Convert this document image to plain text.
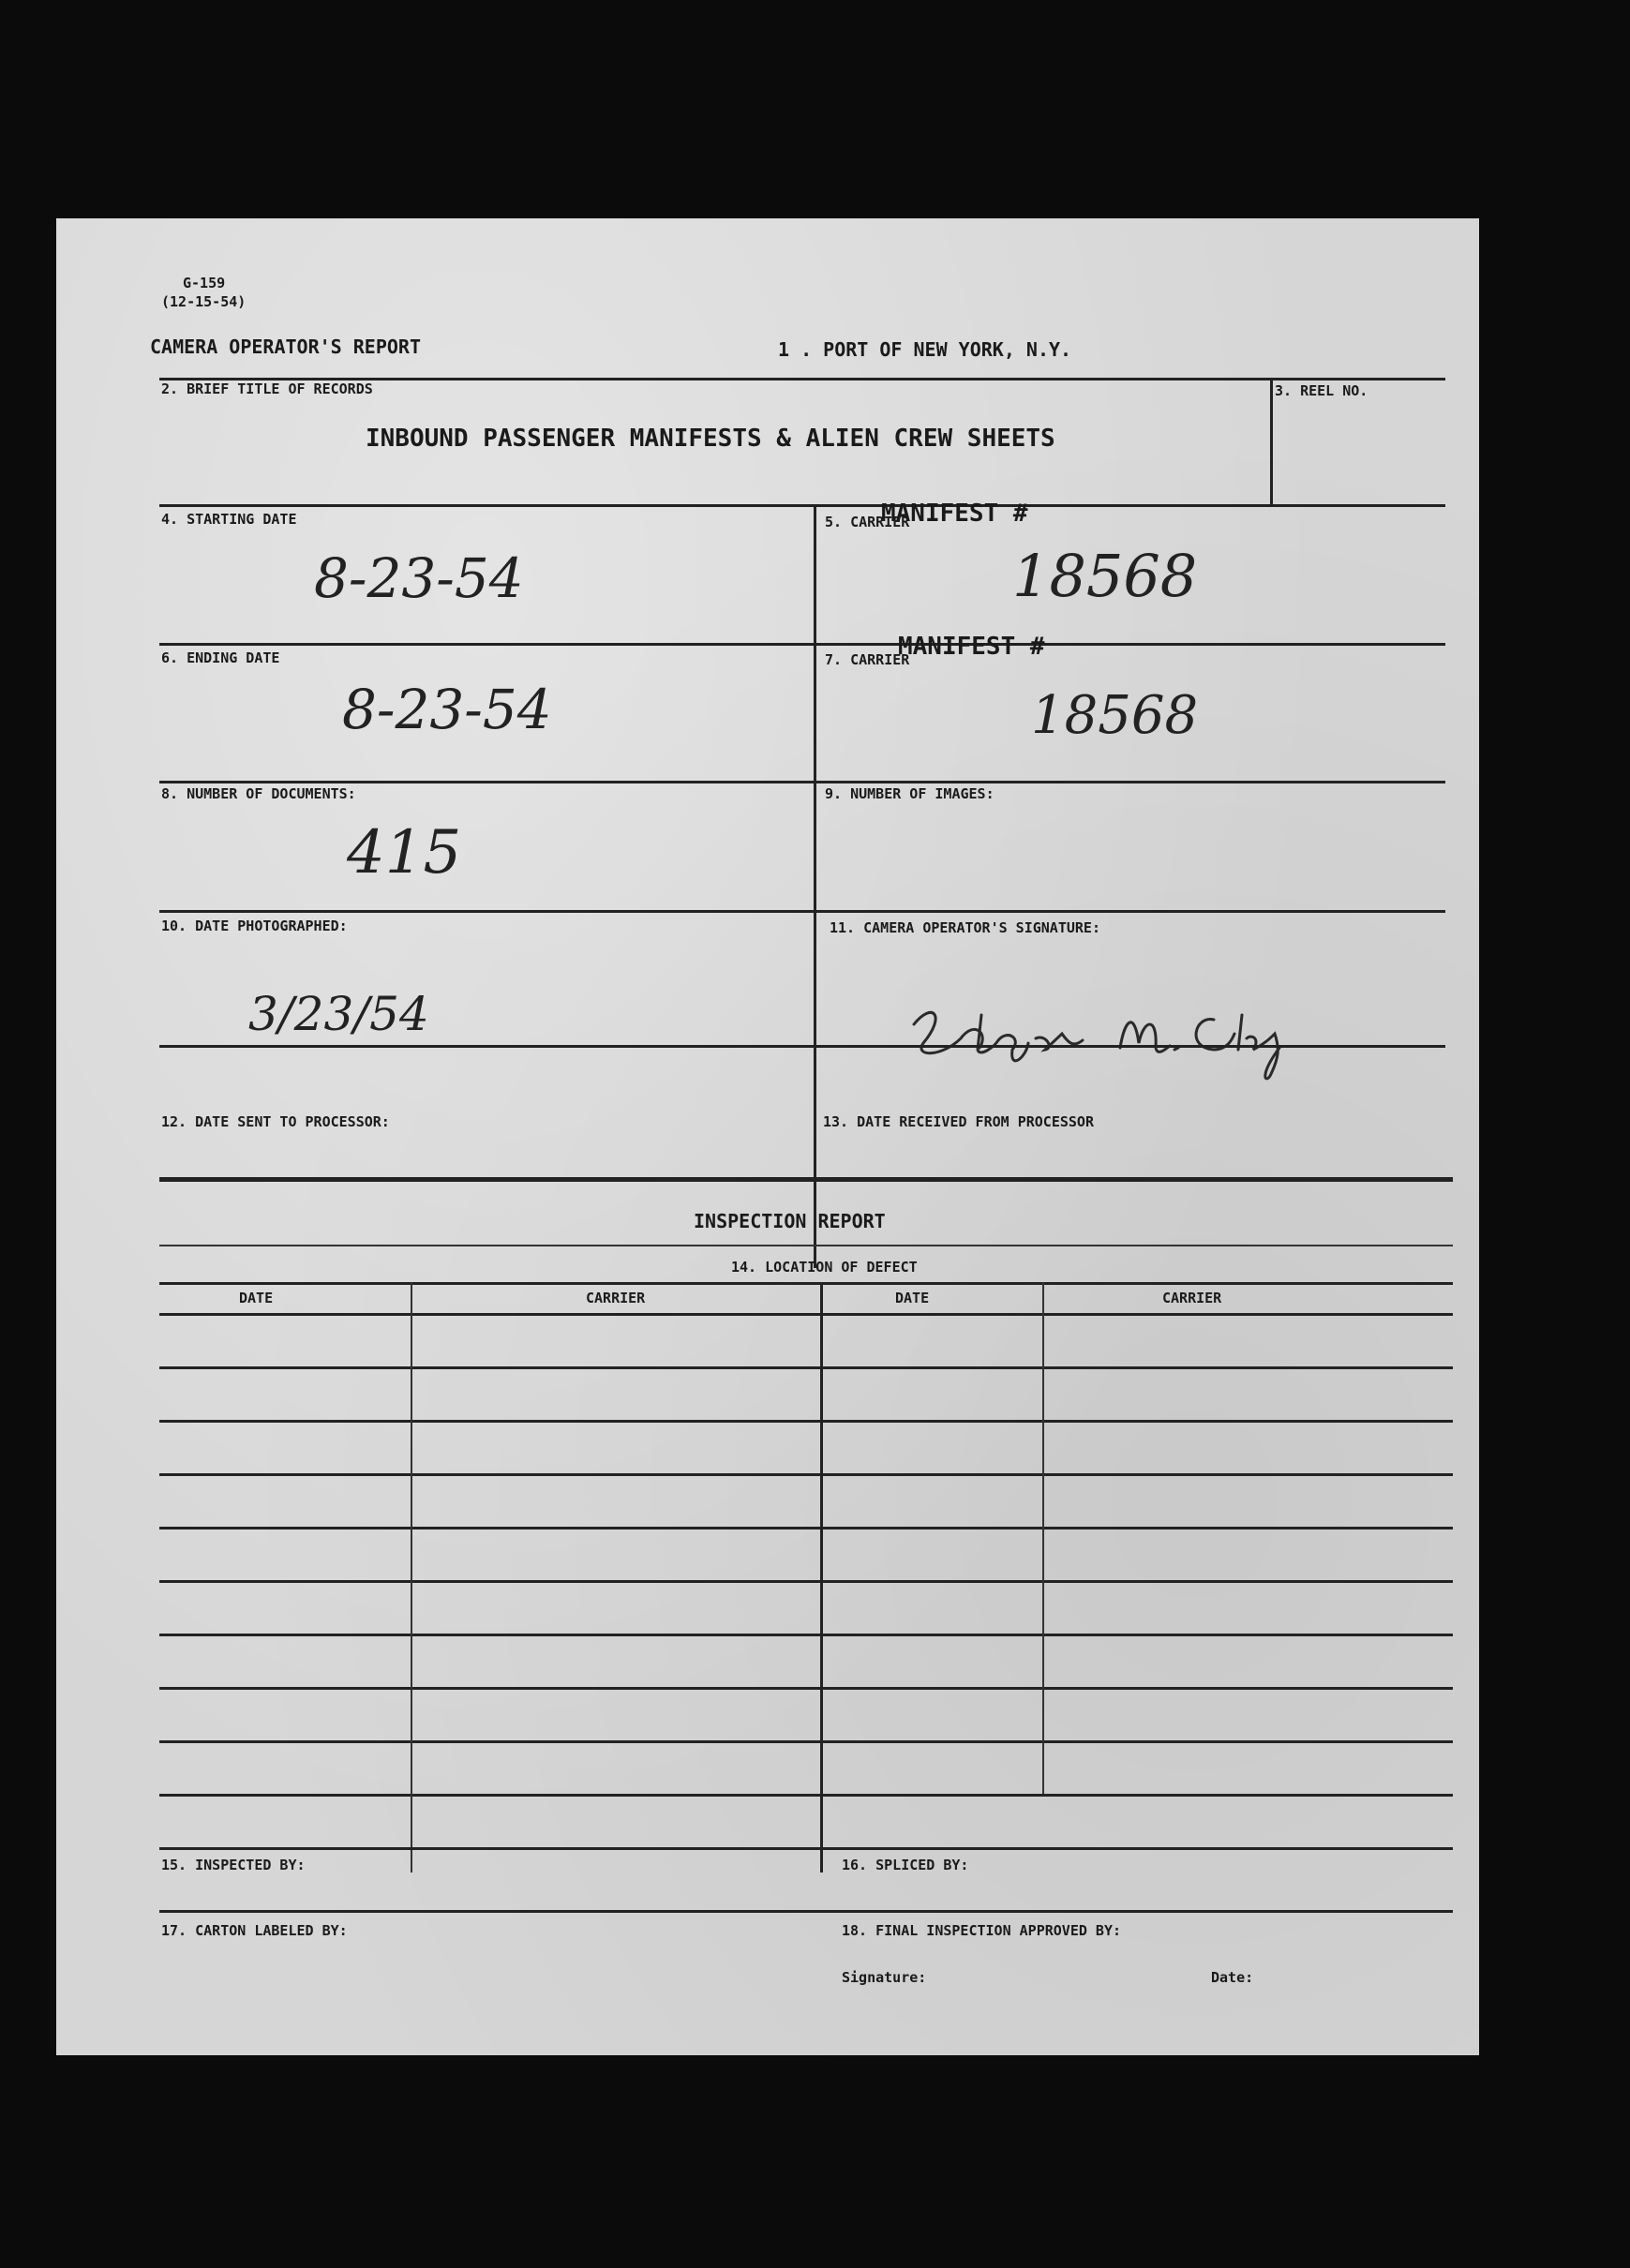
G-159
(12-15-54)
CAMERA OPERATOR'S REPORT	1 . PORT OF NEW YORK, N.Y.
2. BRIEF TITLE OF RECORDS
INBOUND PASSENGER MANIFESTS & ALIEN CREW SHEETS
3. REEL NO.
4. STARTING DATE
8-23-54
5. CARRIER
MANIFEST #
18568
6. ENDING DATE
8-23-54
7. CARRIER
MANIFEST #
18568
8. NUMBER OF DOCUMENTS:
415
9. NUMBER OF IMAGES:
10. DATE PHOTOGRAPHED:
3/23/54
11. CAMERA OPERATOR'S SIGNATURE:
12. DATE SENT TO PROCESSOR:	13. DATE RECEIVED FROM PROCESSOR
INSPECTION REPORT
14. LOCATION OF DEFECT
DATE	CARRIER	DATE	CARRIER
15. INSPECTED BY:	16. SPLICED BY:
17. CARTON LABELED BY:	18. FINAL INSPECTION APPROVED BY:
Signature:	Date:
